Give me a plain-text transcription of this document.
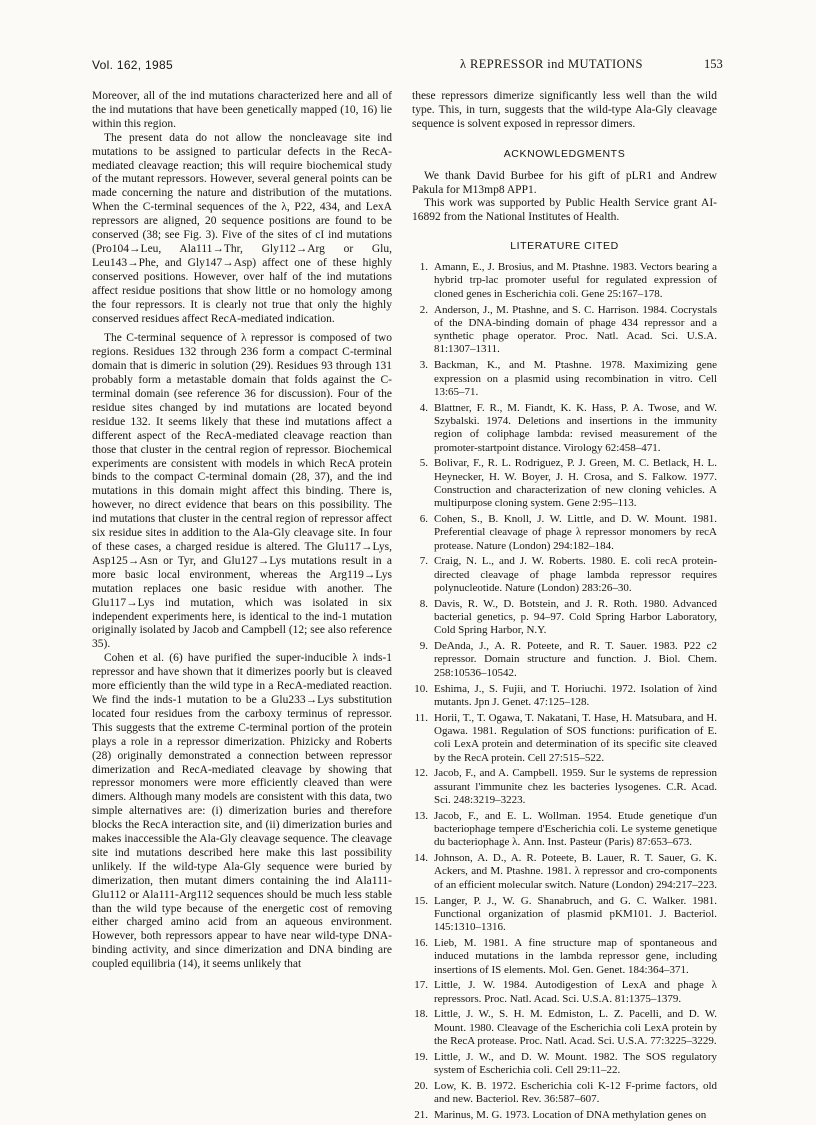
Vol. 162, 1985	λ REPRESSOR ind MUTATIONS	153

Moreover, all of the ind mutations characterized here and all of the ind mutations that have been genetically mapped (10, 16) lie within this region.

The present data do not allow the noncleavage site ind mutations to be assigned to particular defects in the RecA-mediated cleavage reaction; this will require biochemical study of the mutant repressors. However, several general points can be made concerning the nature and distribution of the mutations. When the C-terminal sequences of the λ, P22, 434, and LexA repressors are aligned, 20 sequence positions are found to be conserved (38; see Fig. 3). Five of the sites of cI ind mutations (Pro104→Leu, Ala111→Thr, Gly112→Arg or Glu, Leu143→Phe, and Gly147→Asp) affect one of these highly conserved positions. However, over half of the ind mutations affect residue positions that show little or no homology among the four repressors. It is clearly not true that only the highly conserved residues affect RecA-mediated indication.

The C-terminal sequence of λ repressor is composed of two regions. Residues 132 through 236 form a compact C-terminal domain that is dimeric in solution (29). Residues 93 through 131 probably form a metastable domain that folds against the C-terminal domain (see reference 36 for discussion). Four of the residue sites changed by ind mutations are located beyond residue 132. It seems likely that these ind mutations affect a different aspect of the RecA-mediated cleavage reaction than those that cluster in the central region of repressor. Biochemical experiments are consistent with models in which RecA protein binds to the compact C-terminal domain (28, 37), and the ind mutations in this domain might affect this binding. There is, however, no direct evidence that bears on this possibility. The ind mutations that cluster in the central region of repressor affect six residue sites in addition to the Ala-Gly cleavage site. In four of these cases, a charged residue is altered. The Glu117→Lys, Asp125→Asn or Tyr, and Glu127→Lys mutations result in a more basic local environment, whereas the Arg119→Lys mutation replaces one basic residue with another. The Glu117→Lys ind mutation, which was isolated in six independent experiments here, is identical to the ind-1 mutation originally isolated by Jacob and Campbell (12; see also reference 35).

Cohen et al. (6) have purified the super-inducible λ inds-1 repressor and have shown that it dimerizes poorly but is cleaved more efficiently than the wild type in a RecA-mediated reaction. We find the inds-1 mutation to be a Glu233→Lys substitution located four residues from the carboxy terminus of repressor. This suggests that the extreme C-terminal portion of the protein plays a role in a repressor dimerization. Phizicky and Roberts (28) originally demonstrated a connection between repressor dimerization and RecA-mediated cleavage by showing that repressor monomers were more efficiently cleaved than were dimers. Although many models are consistent with this data, two simple alternatives are: (i) dimerization buries and therefore blocks the RecA interaction site, and (ii) dimerization buries and makes inaccessible the Ala-Gly cleavage sequence. The cleavage site ind mutations described here make this last possibility unlikely. If the wild-type Ala-Gly sequence were buried by dimerization, then mutant dimers containing the ind Ala111-Glu112 or Ala111-Arg112 sequences should be much less stable than the wild type because of the energetic cost of removing either charged amino acid from an aqueous environment. However, both repressors appear to have near wild-type DNA-binding activity, and since dimerization and DNA binding are coupled equilibria (14), it seems unlikely that

these repressors dimerize significantly less well than the wild type. This, in turn, suggests that the wild-type Ala-Gly cleavage sequence is solvent exposed in repressor dimers.

ACKNOWLEDGMENTS

We thank David Burbee for his gift of pLR1 and Andrew Pakula for M13mp8 APP1.

This work was supported by Public Health Service grant AI-16892 from the National Institutes of Health.

LITERATURE CITED
1. Amann, E., J. Brosius, and M. Ptashne. 1983. Vectors bearing a hybrid trp-lac promoter useful for regulated expression of cloned genes in Escherichia coli. Gene 25:167–178.
2. Anderson, J., M. Ptashne, and S. C. Harrison. 1984. Cocrystals of the DNA-binding domain of phage 434 repressor and a synthetic phage operator. Proc. Natl. Acad. Sci. U.S.A. 81:1307–1311.
3. Backman, K., and M. Ptashne. 1978. Maximizing gene expression on a plasmid using recombination in vitro. Cell 13:65–71.
4. Blattner, F. R., M. Fiandt, K. K. Hass, P. A. Twose, and W. Szybalski. 1974. Deletions and insertions in the immunity region of coliphage lambda: revised measurement of the promoter-startpoint distance. Virology 62:458–471.
5. Bolivar, F., R. L. Rodriguez, P. J. Green, M. C. Betlack, H. L. Heynecker, H. W. Boyer, J. H. Crosa, and S. Falkow. 1977. Construction and characterization of new cloning vehicles. A multipurpose cloning system. Gene 2:95–113.
6. Cohen, S., B. Knoll, J. W. Little, and D. W. Mount. 1981. Preferential cleavage of phage λ repressor monomers by recA protease. Nature (London) 294:182–184.
7. Craig, N. L., and J. W. Roberts. 1980. E. coli recA protein-directed cleavage of phage lambda repressor requires polynucleotide. Nature (London) 283:26–30.
8. Davis, R. W., D. Botstein, and J. R. Roth. 1980. Advanced bacterial genetics, p. 94–97. Cold Spring Harbor Laboratory, Cold Spring Harbor, N.Y.
9. DeAnda, J., A. R. Poteete, and R. T. Sauer. 1983. P22 c2 repressor. Domain structure and function. J. Biol. Chem. 258:10536–10542.
10. Eshima, J., S. Fujii, and T. Horiuchi. 1972. Isolation of λind mutants. Jpn J. Genet. 47:125–128.
11. Horii, T., T. Ogawa, T. Nakatani, T. Hase, H. Matsubara, and H. Ogawa. 1981. Regulation of SOS functions: purification of E. coli LexA protein and determination of its specific site cleaved by the RecA protein. Cell 27:515–522.
12. Jacob, F., and A. Campbell. 1959. Sur le systems de repression assurant l'immunite chez les bacteries lysogenes. C.R. Acad. Sci. 248:3219–3223.
13. Jacob, F., and E. L. Wollman. 1954. Etude genetique d'un bacteriophage tempere d'Escherichia coli. Le systeme genetique du bacteriophage λ. Ann. Inst. Pasteur (Paris) 87:653–673.
14. Johnson, A. D., A. R. Poteete, B. Lauer, R. T. Sauer, G. K. Ackers, and M. Ptashne. 1981. λ repressor and cro-components of an efficient molecular switch. Nature (London) 294:217–223.
15. Langer, P. J., W. G. Shanabruch, and G. C. Walker. 1981. Functional organization of plasmid pKM101. J. Bacteriol. 145:1310–1316.
16. Lieb, M. 1981. A fine structure map of spontaneous and induced mutations in the lambda repressor gene, including insertions of IS elements. Mol. Gen. Genet. 184:364–371.
17. Little, J. W. 1984. Autodigestion of LexA and phage λ repressors. Proc. Natl. Acad. Sci. U.S.A. 81:1375–1379.
18. Little, J. W., S. H. M. Edmiston, L. Z. Pacelli, and D. W. Mount. 1980. Cleavage of the Escherichia coli LexA protein by the RecA protease. Proc. Natl. Acad. Sci. U.S.A. 77:3225–3229.
19. Little, J. W., and D. W. Mount. 1982. The SOS regulatory system of Escherichia coli. Cell 29:11–22.
20. Low, K. B. 1972. Escherichia coli K-12 F-prime factors, old and new. Bacteriol. Rev. 36:587–607.
21. Marinus, M. G. 1973. Location of DNA methylation genes on
